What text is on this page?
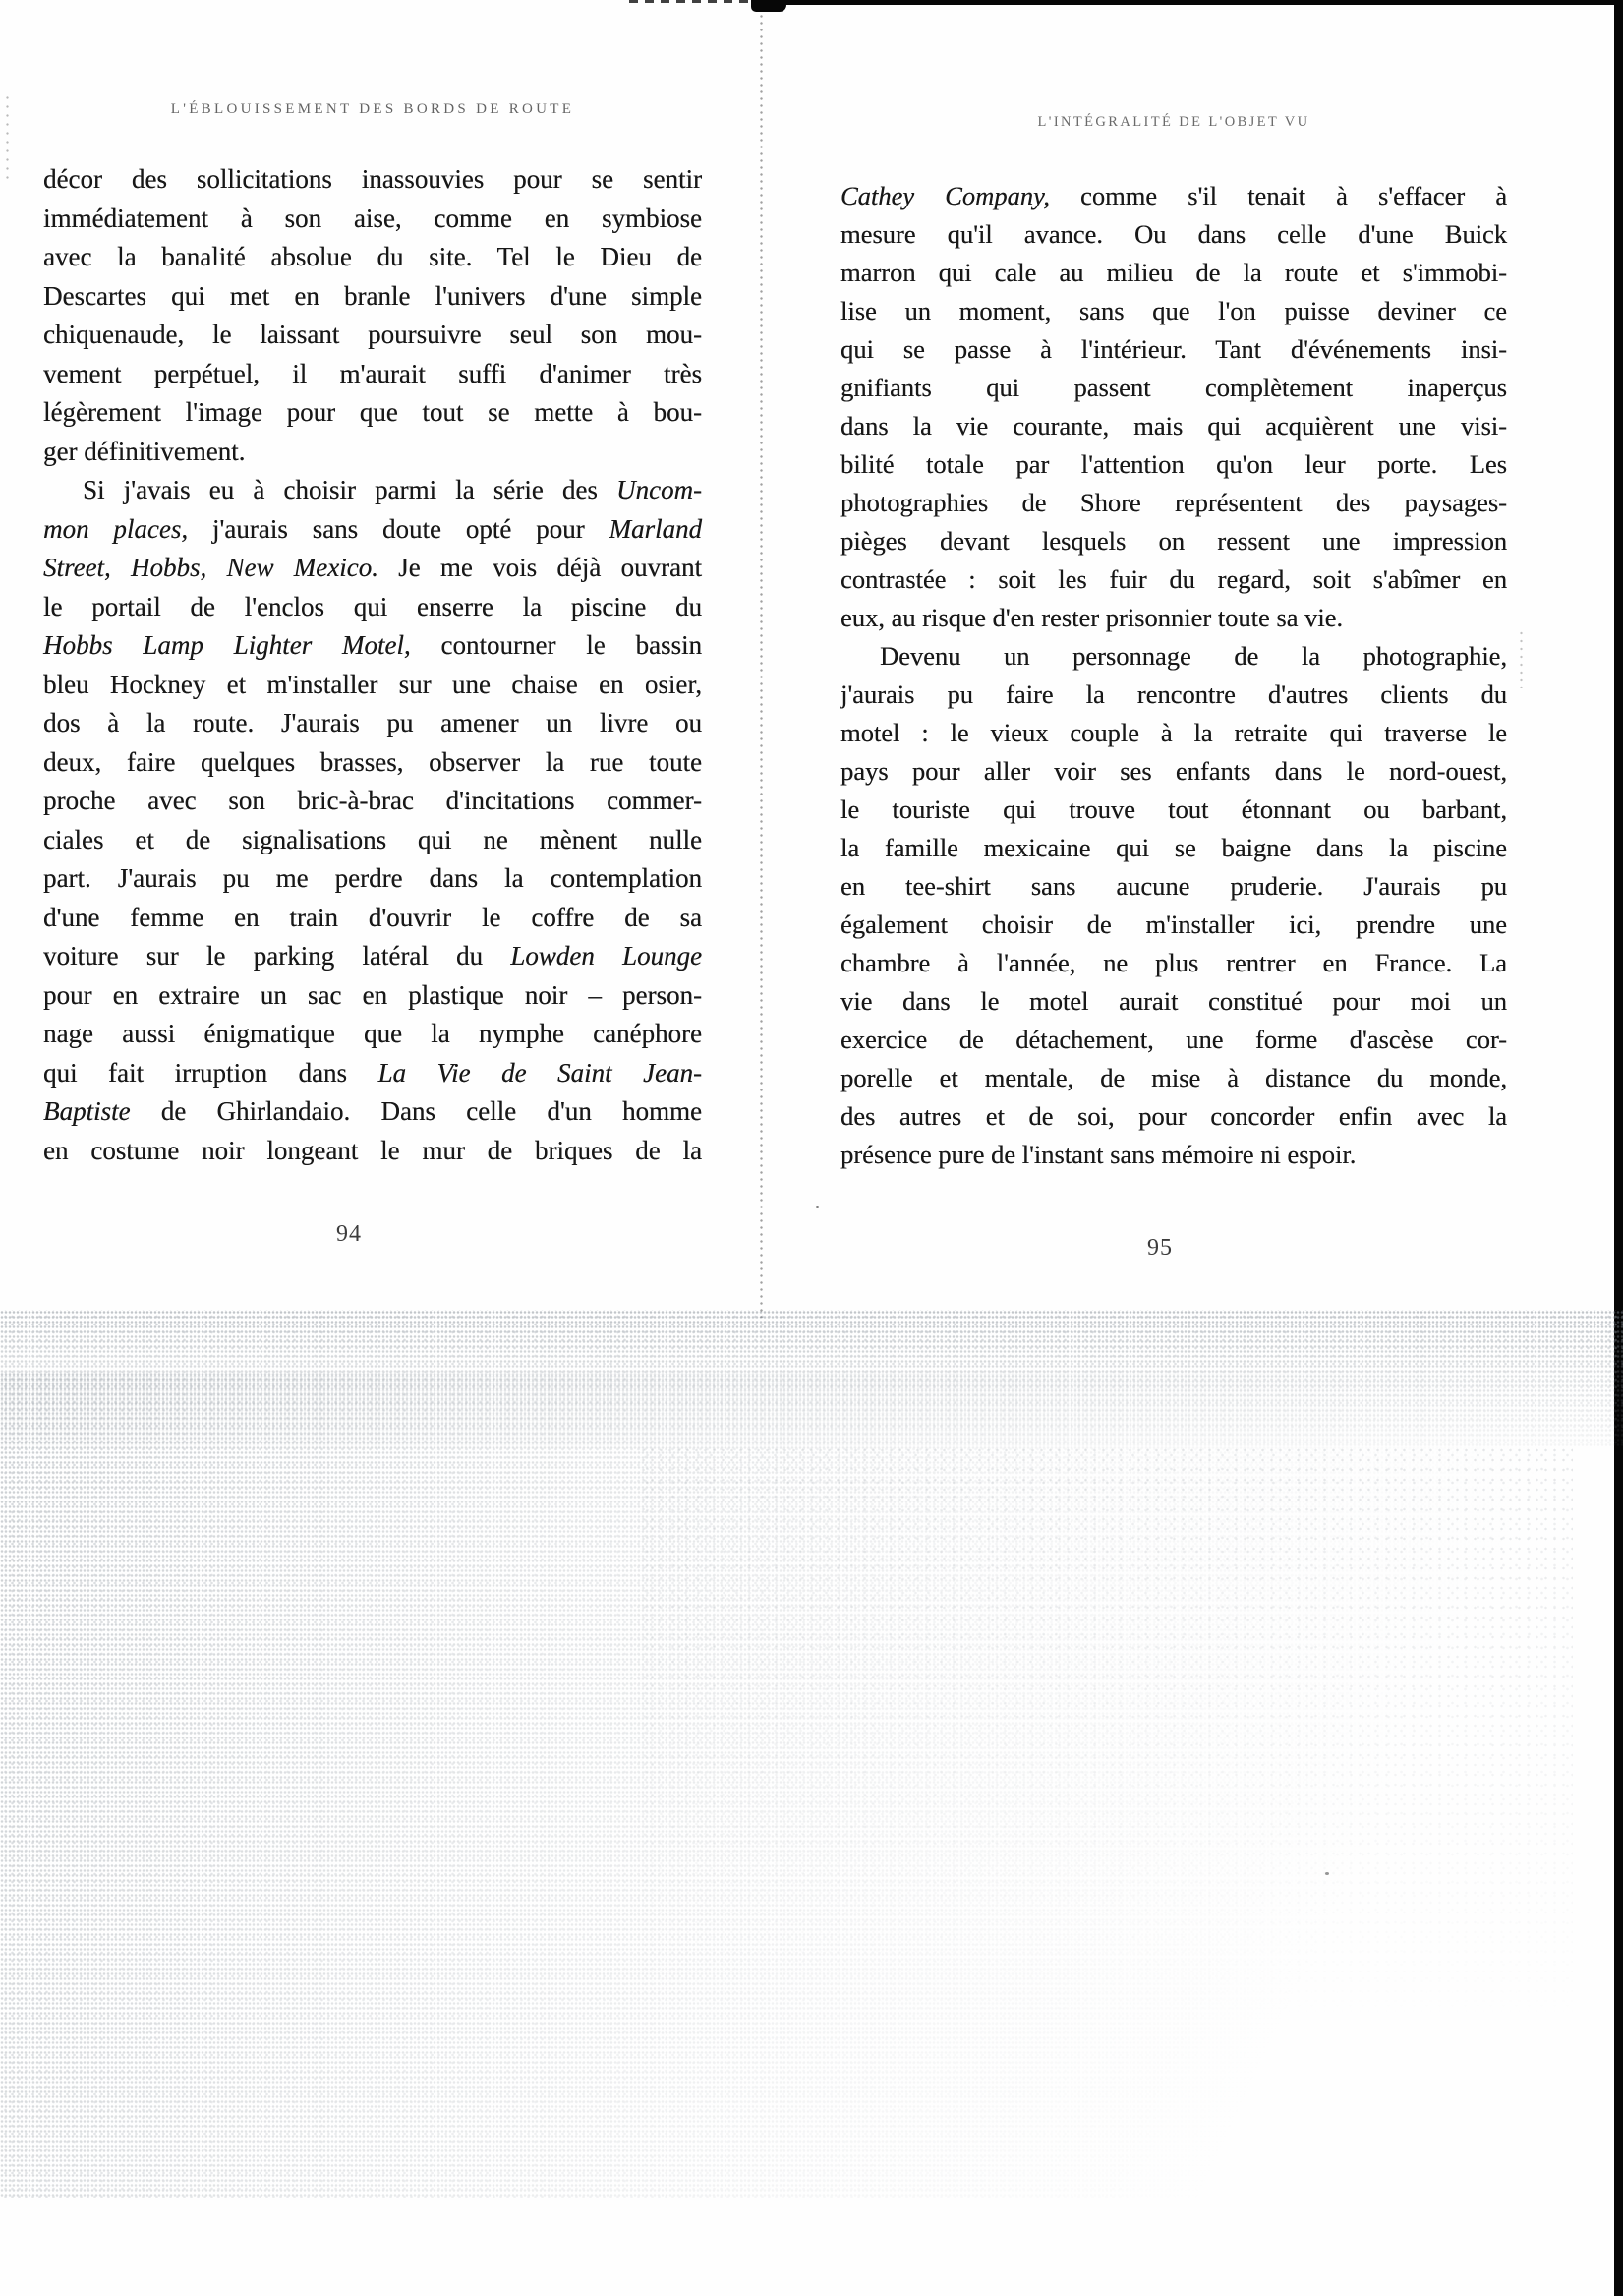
L'ÉBLOUISSEMENT DES BORDS DE ROUTE
décor des sollicitations inassouvies pour se sentir
immédiatement à son aise, comme en symbiose
avec la banalité absolue du site. Tel le Dieu de
Descartes qui met en branle l'univers d'une simple
chiquenaude, le laissant poursuivre seul son mou-
vement perpétuel, il m'aurait suffi d'animer très
légèrement l'image pour que tout se mette à bou-
ger définitivement.
Si j'avais eu à choisir parmi la série des Uncom-
mon places, j'aurais sans doute opté pour Marland
Street, Hobbs, New Mexico. Je me vois déjà ouvrant
le portail de l'enclos qui enserre la piscine du
Hobbs Lamp Lighter Motel, contourner le bassin
bleu Hockney et m'installer sur une chaise en osier,
dos à la route. J'aurais pu amener un livre ou
deux, faire quelques brasses, observer la rue toute
proche avec son bric-à-brac d'incitations commer-
ciales et de signalisations qui ne mènent nulle
part. J'aurais pu me perdre dans la contemplation
d'une femme en train d'ouvrir le coffre de sa
voiture sur le parking latéral du Lowden Lounge
pour en extraire un sac en plastique noir – person-
nage aussi énigmatique que la nymphe canéphore
qui fait irruption dans La Vie de Saint Jean-
Baptiste de Ghirlandaio. Dans celle d'un homme
en costume noir longeant le mur de briques de la
94
L'INTÉGRALITÉ DE L'OBJET VU
Cathey Company, comme s'il tenait à s'effacer à
mesure qu'il avance. Ou dans celle d'une Buick
marron qui cale au milieu de la route et s'immobi-
lise un moment, sans que l'on puisse deviner ce
qui se passe à l'intérieur. Tant d'événements insi-
gnifiants qui passent complètement inaperçus
dans la vie courante, mais qui acquièrent une visi-
bilité totale par l'attention qu'on leur porte. Les
photographies de Shore représentent des paysages-
pièges devant lesquels on ressent une impression
contrastée : soit les fuir du regard, soit s'abîmer en
eux, au risque d'en rester prisonnier toute sa vie.
Devenu un personnage de la photographie,
j'aurais pu faire la rencontre d'autres clients du
motel : le vieux couple à la retraite qui traverse le
pays pour aller voir ses enfants dans le nord-ouest,
le touriste qui trouve tout étonnant ou barbant,
la famille mexicaine qui se baigne dans la piscine
en tee-shirt sans aucune pruderie. J'aurais pu
également choisir de m'installer ici, prendre une
chambre à l'année, ne plus rentrer en France. La
vie dans le motel aurait constitué pour moi un
exercice de détachement, une forme d'ascèse cor-
porelle et mentale, de mise à distance du monde,
des autres et de soi, pour concorder enfin avec la
présence pure de l'instant sans mémoire ni espoir.
95
